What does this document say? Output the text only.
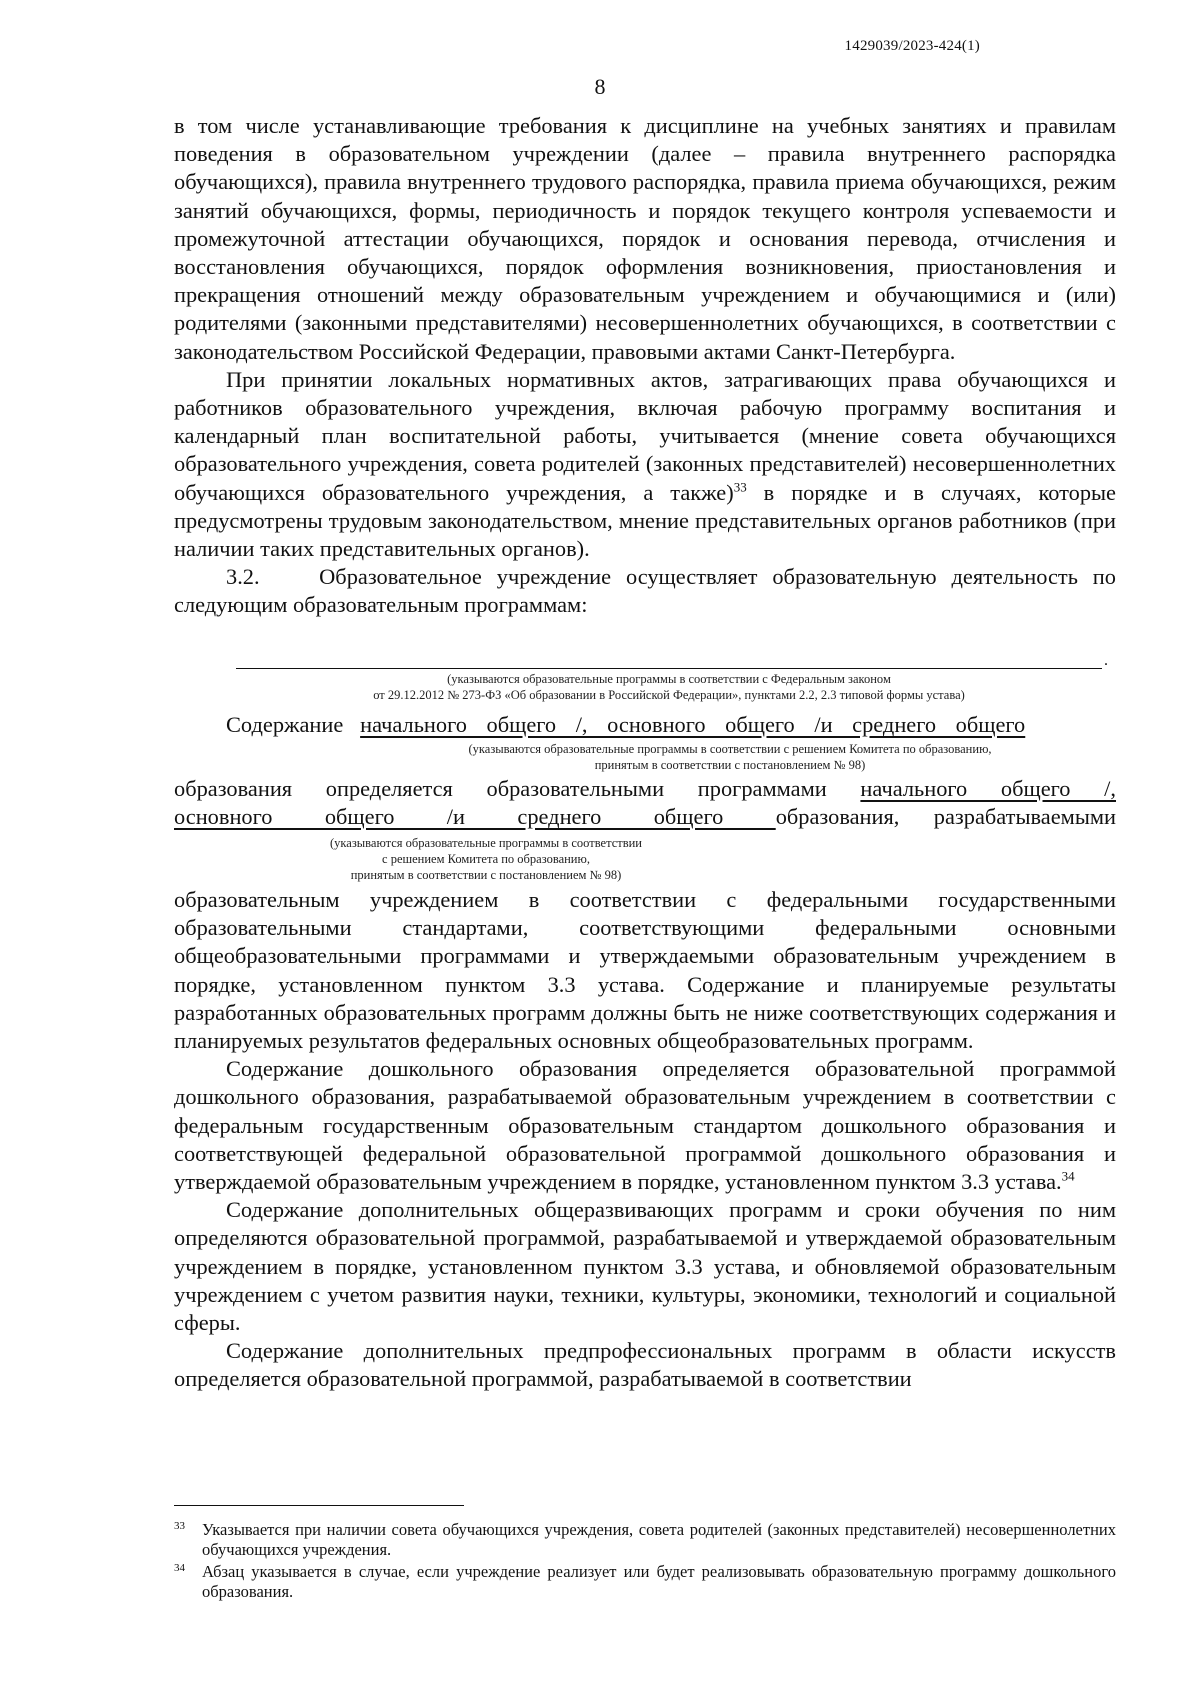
1429039/2023-424(1)
8

в том числе устанавливающие требования к дисциплине на учебных занятиях и правилам поведения в образовательном учреждении (далее – правила внутреннего распорядка обучающихся), правила внутреннего трудового распорядка, правила приема обучающихся, режим занятий обучающихся, формы, периодичность и порядок текущего контроля успеваемости и промежуточной аттестации обучающихся, порядок и основания перевода, отчисления и восстановления обучающихся, порядок оформления возникновения, приостановления и прекращения отношений между образовательным учреждением и обучающимися и (или) родителями (законными представителями) несовершеннолетних обучающихся, в соответствии с законодательством Российской Федерации, правовыми актами Санкт-Петербурга.

При принятии локальных нормативных актов, затрагивающих права обучающихся и работников образовательного учреждения, включая рабочую программу воспитания и календарный план воспитательной работы, учитывается (мнение совета обучающихся образовательного учреждения, совета родителей (законных представителей) несовершеннолетних обучающихся образовательного учреждения, а также)$^{33}$ в порядке и в случаях, которые предусмотрены трудовым законодательством, мнение представительных органов работников (при наличии таких представительных органов).

3.2.    Образовательное учреждение осуществляет образовательную деятельность по следующим образовательным программам:

.
(указываются образовательные программы в соответствии с Федеральным законом
от 29.12.2012 № 273-ФЗ «Об образовании в Российской Федерации», пунктами 2.2, 2.3 типовой формы устава)
Содержание начального общего /, основного общего /и среднего общего
(указываются образовательные программы в соответствии с решением Комитета по образованию,
принятым в соответствии с постановлением № 98)
образования определяется образовательными программами начального общего /,
основного общего /и среднего общего образования, разрабатываемыми
(указываются образовательные программы в соответствии
с решением Комитета по образованию,
принятым в соответствии с постановлением № 98)

образовательным учреждением в соответствии с федеральными государственными образовательными стандартами, соответствующими федеральными основными общеобразовательными программами и утверждаемыми образовательным учреждением в порядке, установленном пунктом 3.3 устава. Содержание и планируемые результаты разработанных образовательных программ должны быть не ниже соответствующих содержания и планируемых результатов федеральных основных общеобразовательных программ.

Содержание дошкольного образования определяется образовательной программой дошкольного образования, разрабатываемой образовательным учреждением в соответствии с федеральным государственным образовательным стандартом дошкольного образования и соответствующей федеральной образовательной программой дошкольного образования и утверждаемой образовательным учреждением в порядке, установленном пунктом 3.3 устава.$^{34}$

Содержание дополнительных общеразвивающих программ и сроки обучения по ним определяются образовательной программой, разрабатываемой и утверждаемой образовательным учреждением в порядке, установленном пунктом 3.3 устава, и обновляемой образовательным учреждением с учетом развития науки, техники, культуры, экономики, технологий и социальной сферы.

Содержание дополнительных предпрофессиональных программ в области искусств определяется образовательной программой, разрабатываемой в соответствии

33 Указывается при наличии совета обучающихся учреждения, совета родителей (законных представителей) несовершеннолетних обучающихся учреждения.
34 Абзац указывается в случае, если учреждение реализует или будет реализовывать образовательную программу дошкольного образования.
